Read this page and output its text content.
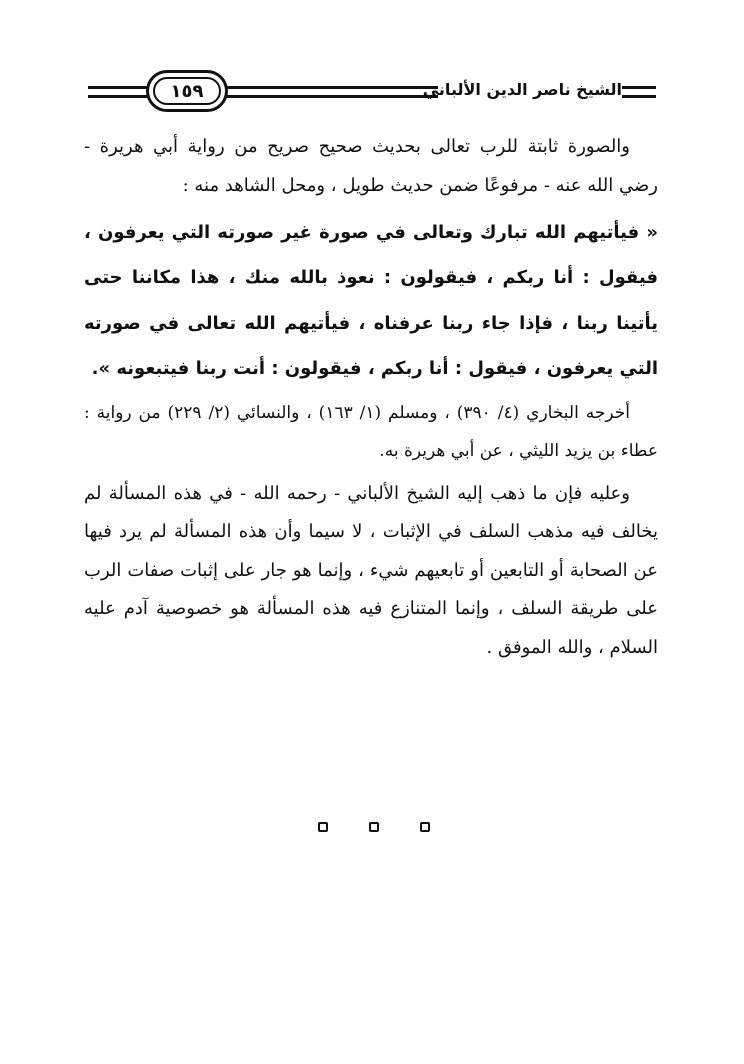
١٥٩	الشيخ ناصر الدين الألباني

والصورة ثابتة للرب تعالى بحديث صحيح صريح من رواية أبي هريرة - رضي الله عنه - مرفوعًا ضمن حديث طويل ، ومحل الشاهد منه :

« فيأتيهم الله تبارك وتعالى في صورة غير صورته التي يعرفون ، فيقول : أنا ربكم ، فيقولون : نعوذ بالله منك ، هذا مكاننا حتى يأتينا ربنا ، فإذا جاء ربنا عرفناه ، فيأتيهم الله تعالى في صورته التي يعرفون ، فيقول : أنا ربكم ، فيقولون : أنت ربنا فيتبعونه ».

أخرجه البخاري (٤/ ٣٩٠) ، ومسلم (١/ ١٦٣) ، والنسائي (٢/ ٢٢٩) من رواية : عطاء بن يزيد الليثي ، عن أبي هريرة به.

وعليه فإن ما ذهب إليه الشيخ الألباني - رحمه الله - في هذه المسألة لم يخالف فيه مذهب السلف في الإثبات ، لا سيما وأن هذه المسألة لم يرد فيها عن الصحابة أو التابعين أو تابعيهم شيء ، وإنما هو جار على إثبات صفات الرب على طريقة السلف ، وإنما المتنازع فيه هذه المسألة هو خصوصية آدم عليه السلام ، والله الموفق .
